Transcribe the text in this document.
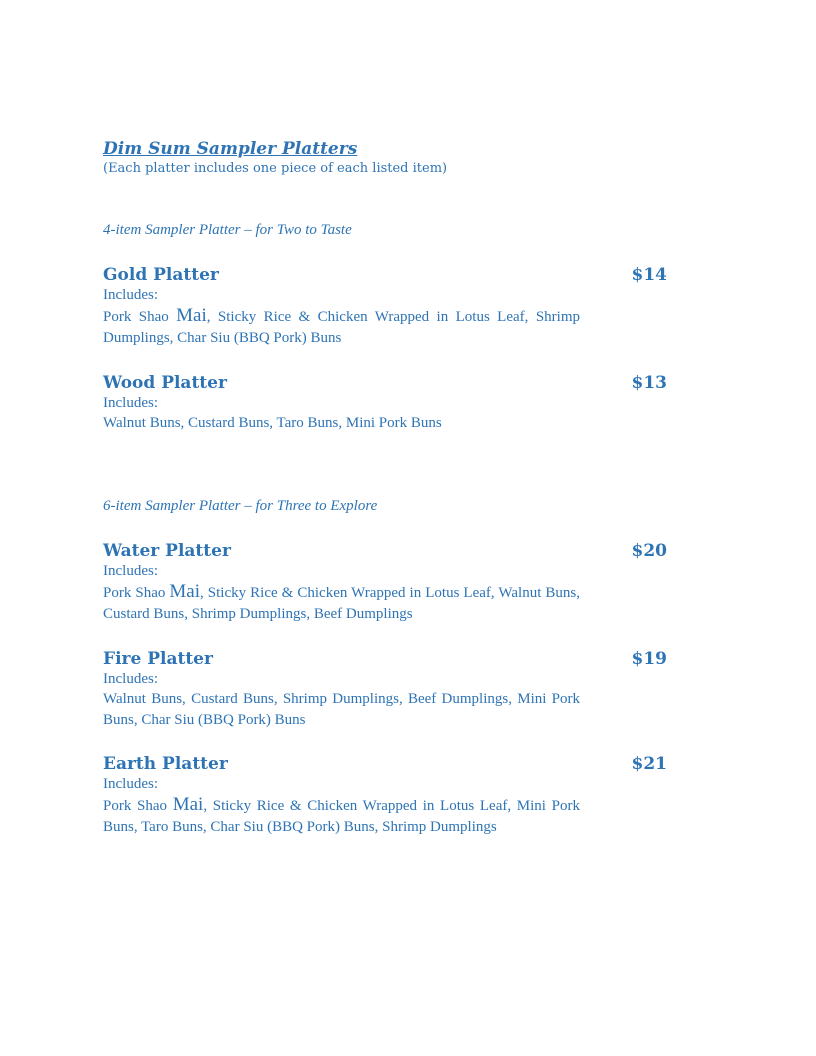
Dim Sum Sampler Platters

(Each platter includes one piece of each listed item)

4-item Sampler Platter – for Two to Taste
Gold Platter	$14
Includes:
Pork Shao Mai, Sticky Rice & Chicken Wrapped in Lotus Leaf, Shrimp Dumplings, Char Siu (BBQ Pork) Buns
Wood Platter	$13
Includes:
Walnut Buns, Custard Buns, Taro Buns, Mini Pork Buns
6-item Sampler Platter – for Three to Explore
Water Platter	$20
Includes:
Pork Shao Mai, Sticky Rice & Chicken Wrapped in Lotus Leaf, Walnut Buns, Custard Buns, Shrimp Dumplings, Beef Dumplings
Fire Platter	$19
Includes:
Walnut Buns, Custard Buns, Shrimp Dumplings, Beef Dumplings, Mini Pork Buns, Char Siu (BBQ Pork) Buns
Earth Platter	$21
Includes:
Pork Shao Mai, Sticky Rice & Chicken Wrapped in Lotus Leaf, Mini Pork Buns, Taro Buns, Char Siu (BBQ Pork) Buns, Shrimp Dumplings
